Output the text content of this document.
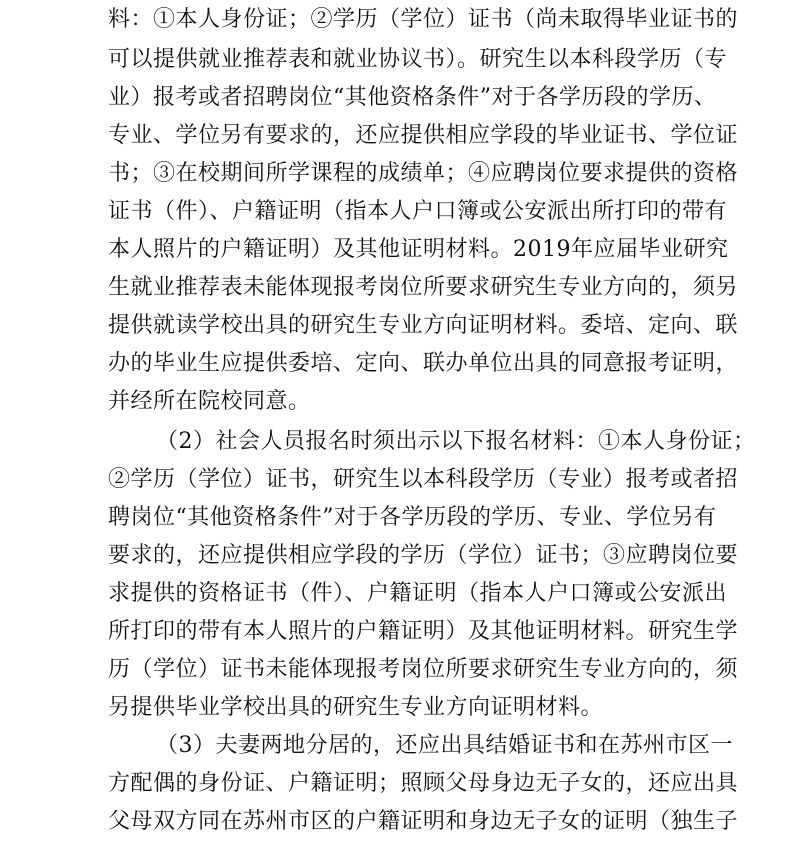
料：①本人身份证；②学历（学位）证书（尚未取得毕业证书的
可以提供就业推荐表和就业协议书）。研究生以本科段学历（专
业）报考或者招聘岗位“其他资格条件”对于各学历段的学历、
专业、学位另有要求的，还应提供相应学段的毕业证书、学位证
书；③在校期间所学课程的成绩单；④应聘岗位要求提供的资格
证书（件）、户籍证明（指本人户口簿或公安派出所打印的带有
本人照片的户籍证明）及其他证明材料。2019年应届毕业研究
生就业推荐表未能体现报考岗位所要求研究生专业方向的，须另
提供就读学校出具的研究生专业方向证明材料。委培、定向、联
办的毕业生应提供委培、定向、联办单位出具的同意报考证明，
并经所在院校同意。
（2）社会人员报名时须出示以下报名材料：①本人身份证；
②学历（学位）证书，研究生以本科段学历（专业）报考或者招
聘岗位“其他资格条件”对于各学历段的学历、专业、学位另有
要求的，还应提供相应学段的学历（学位）证书；③应聘岗位要
求提供的资格证书（件）、户籍证明（指本人户口簿或公安派出
所打印的带有本人照片的户籍证明）及其他证明材料。研究生学
历（学位）证书未能体现报考岗位所要求研究生专业方向的，须
另提供毕业学校出具的研究生专业方向证明材料。
（3）夫妻两地分居的，还应出具结婚证书和在苏州市区一
方配偶的身份证、户籍证明；照顾父母身边无子女的，还应出具
父母双方同在苏州市区的户籍证明和身边无子女的证明（独生子
